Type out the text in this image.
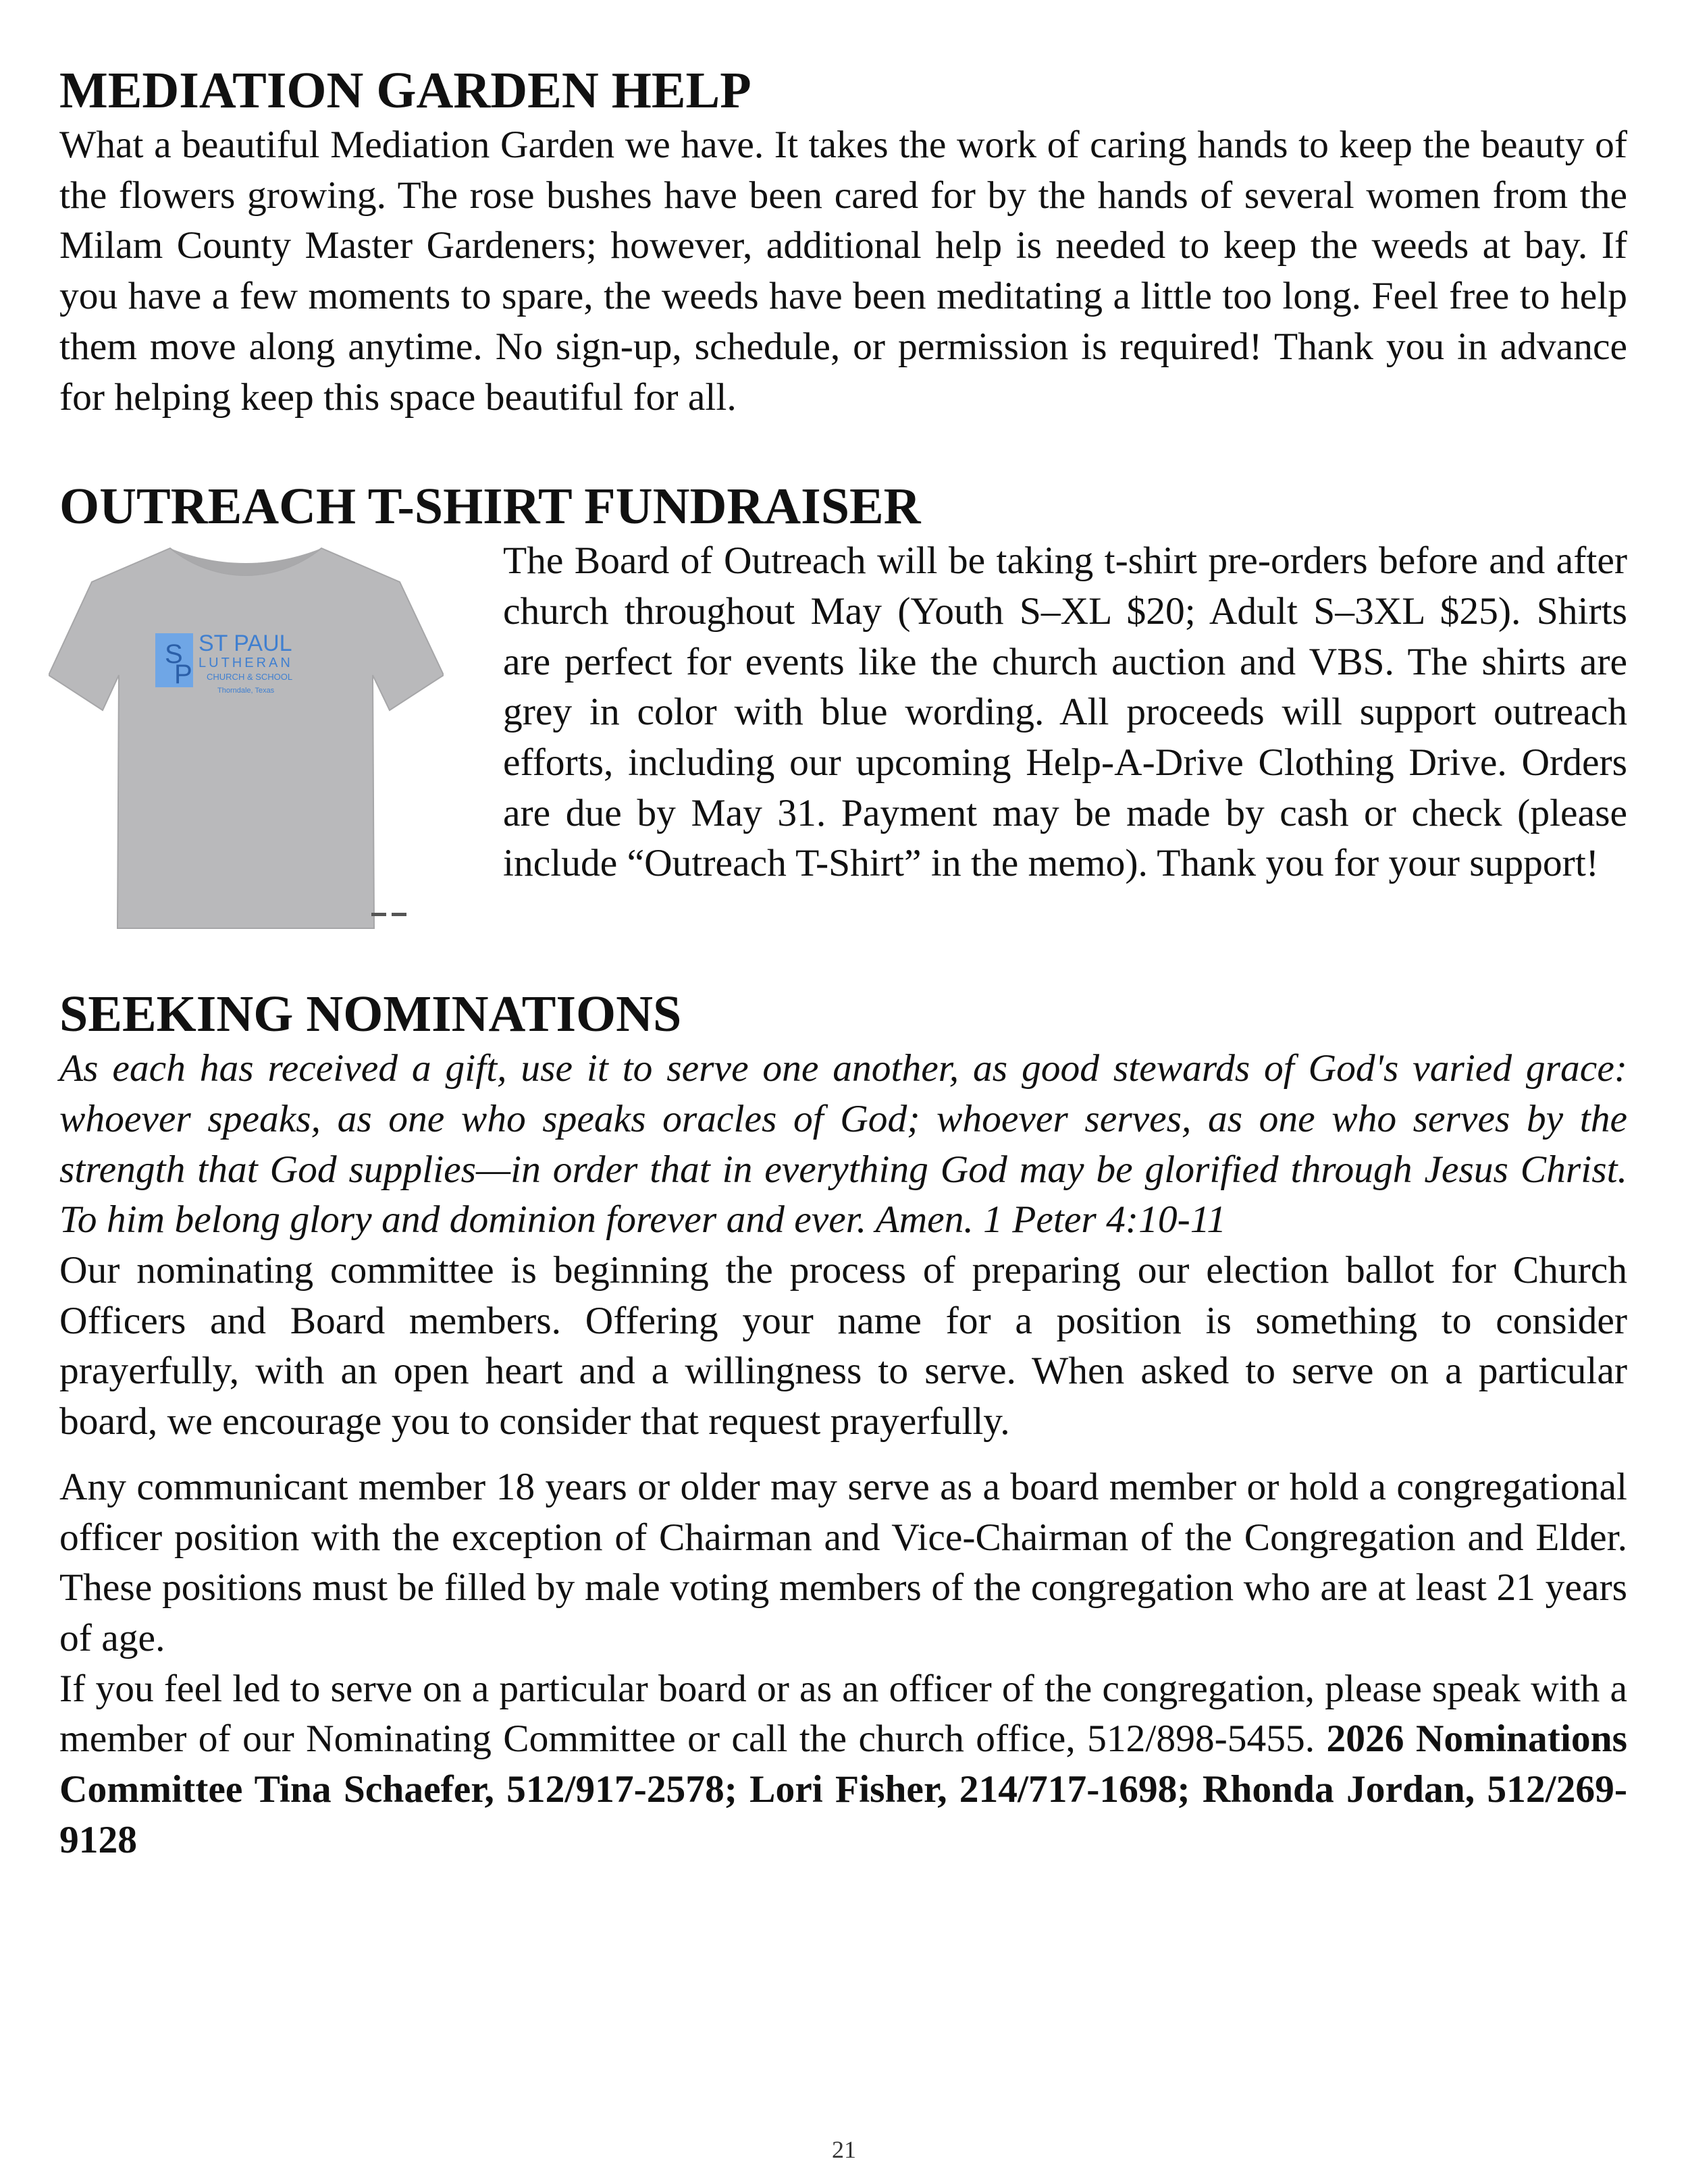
MEDIATION GARDEN HELP

What a beautiful Mediation Garden we have. It takes the work of caring hands to keep the beauty of the flowers growing. The rose bushes have been cared for by the hands of several women from the Milam County Master Gardeners; however, additional help is needed to keep the weeds at bay. If you have a few moments to spare, the weeds have been meditating a little too long. Feel free to help them move along anytime. No sign-up, schedule, or permission is required! Thank you in advance for helping keep this space beautiful for all.

OUTREACH T-SHIRT FUNDRAISER
S
P
ST PAUL
LUTHERAN
CHURCH & SCHOOL
Thorndale, Texas

The Board of Outreach will be taking t-shirt pre-orders before and after church throughout May (Youth S–XL $20; Adult S–3XL $25). Shirts are perfect for events like the church auction and VBS. The shirts are grey in color with blue wording. All proceeds will support outreach efforts, including our upcoming Help-A-Drive Clothing Drive. Orders are due by May 31. Payment may be made by cash or check (please include “Outreach T-Shirt” in the memo). Thank you for your support!

SEEKING NOMINATIONS

As each has received a gift, use it to serve one another, as good stewards of God's varied grace: whoever speaks, as one who speaks oracles of God; whoever serves, as one who serves by the strength that God supplies—in order that in everything God may be glorified through Jesus Christ. To him belong glory and dominion forever and ever. Amen. 1 Peter 4:10-11

Our nominating committee is beginning the process of preparing our election ballot for Church Officers and Board members. Offering your name for a position is something to consider prayerfully, with an open heart and a willingness to serve. When asked to serve on a particular board, we encourage you to consider that request prayerfully.

Any communicant member 18 years or older may serve as a board member or hold a congregational officer position with the exception of Chairman and Vice-Chairman of the Congregation and Elder. These positions must be filled by male voting members of the congregation who are at least 21 years of age.

If you feel led to serve on a particular board or as an officer of the congregation, please speak with a member of our Nominating Committee or call the church office, 512/898-5455. 2026 Nominations Committee Tina Schaefer, 512/917-2578; Lori Fisher, 214/717-1698; Rhonda Jordan, 512/269-9128

21
